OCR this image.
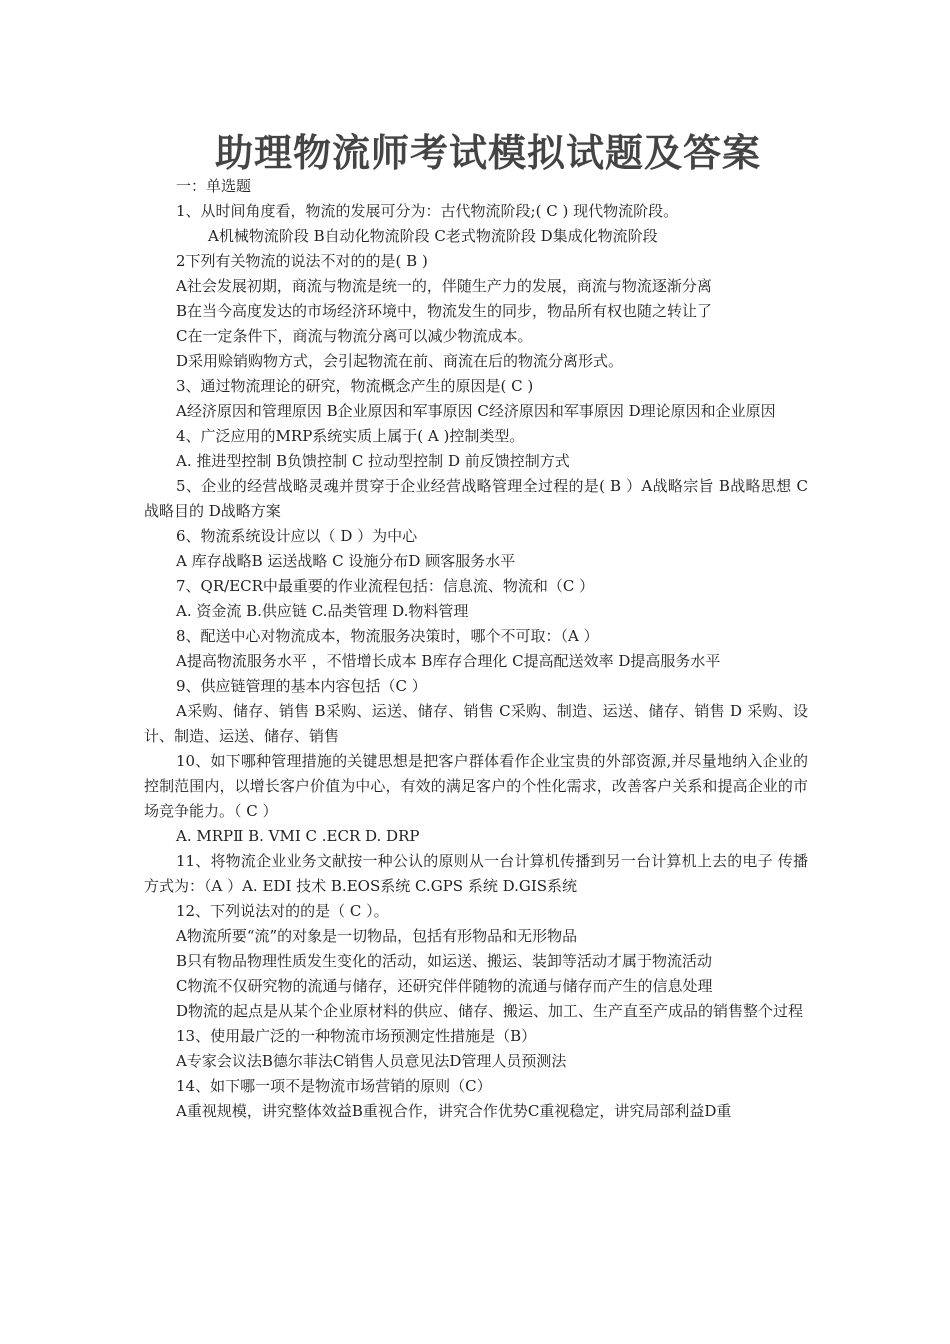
助理物流师考试模拟试题及答案
一：单选题
1、从时间角度看，物流的发展可分为：古代物流阶段;( C ) 现代物流阶段。
A机械物流阶段 B自动化物流阶段 C老式物流阶段 D集成化物流阶段
2下列有关物流的说法不对的的是( B )
A社会发展初期，商流与物流是统一的，伴随生产力的发展，商流与物流逐渐分离
B在当今高度发达的市场经济环境中，物流发生的同步，物品所有权也随之转让了
C在一定条件下，商流与物流分离可以减少物流成本。
D采用赊销购物方式，会引起物流在前、商流在后的物流分离形式。
3、通过物流理论的研究，物流概念产生的原因是( C )
A经济原因和管理原因 B企业原因和军事原因 C经济原因和军事原因 D理论原因和企业原因
4、广泛应用的MRP系统实质上属于( A )控制类型。
A. 推进型控制 B负馈控制 C 拉动型控制 D 前反馈控制方式
5、企业的经营战略灵魂并贯穿于企业经营战略管理全过程的是( B ）A战略宗旨 B战略思想 C战略目的 D战略方案
6、物流系统设计应以（ D ）为中心
A 库存战略B 运送战略 C 设施分布D 顾客服务水平
7、QR/ECR中最重要的作业流程包括：信息流、物流和（C ）
A. 资金流 B.供应链 C.品类管理 D.物料管理
8、配送中心对物流成本，物流服务决策时，哪个不可取：（A ）
A提高物流服务水平 ，不惜增长成本 B库存合理化 C提高配送效率 D提高服务水平
9、供应链管理的基本内容包括（C ）
A采购、储存、销售 B采购、运送、储存、销售 C采购、制造、运送、储存、销售 D 采购、设计、制造、运送、储存、销售
10、如下哪种管理措施的关键思想是把客户群体看作企业宝贵的外部资源,并尽量地纳入企业的控制范围内，以增长客户价值为中心，有效的满足客户的个性化需求，改善客户关系和提高企业的市场竞争能力。（ C ）
A. MRPⅡ B. VMI C .ECR D. DRP
11、将物流企业业务文献按一种公认的原则从一台计算机传播到另一台计算机上去的电子 传播方式为：（A ）A. EDI 技术 B.EOS系统 C.GPS 系统 D.GIS系统
12、下列说法对的的是（ C ）。
A物流所要“流”的对象是一切物品，包括有形物品和无形物品
B只有物品物理性质发生变化的活动，如运送、搬运、装卸等活动才属于物流活动
C物流不仅研究物的流通与储存，还研究伴伴随物的流通与储存而产生的信息处理
D物流的起点是从某个企业原材料的供应、储存、搬运、加工、生产直至产成品的销售整个过程
13、使用最广泛的一种物流市场预测定性措施是（B）
A专家会议法B德尔菲法C销售人员意见法D管理人员预测法
14、如下哪一项不是物流市场营销的原则（C）
A重视规模，讲究整体效益B重视合作，讲究合作优势C重视稳定，讲究局部利益D重
